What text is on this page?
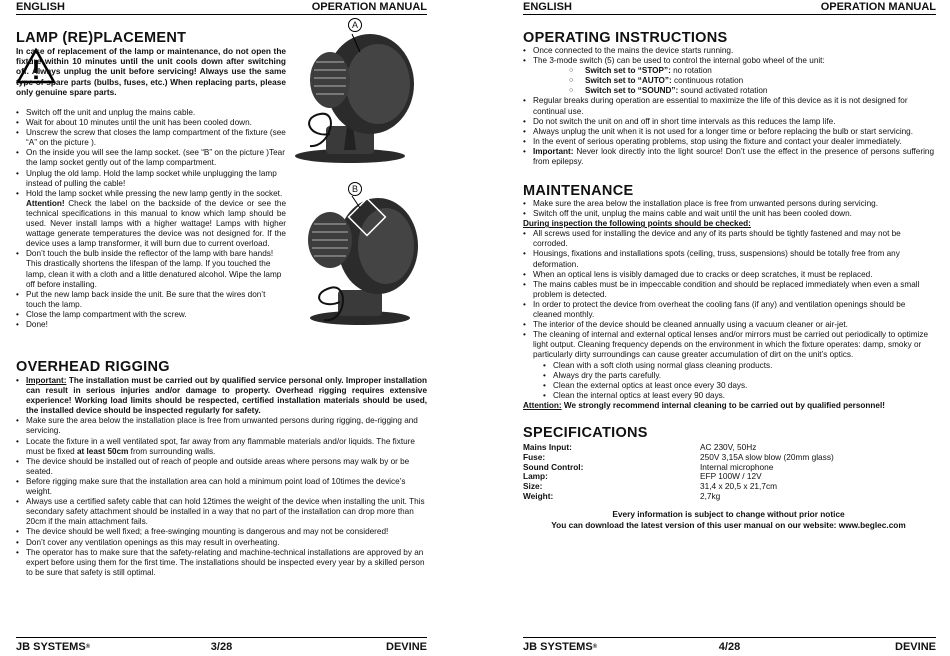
ENGLISH	OPERATION MANUAL
LAMP (RE)PLACEMENT
In case of replacement of the lamp or maintenance, do not open the fixture within 10 minutes until the unit cools down after switching off. Always unplug the unit before servicing! Always use the same type of spare parts (bulbs, fuses, etc.) When replacing parts, please only genuine spare parts.
• Switch off the unit and unplug the mains cable.
• Wait for about 10 minutes until the unit has been cooled down.
• Unscrew the screw that closes the lamp compartment of the fixture (see “A” on the picture ).
• On the inside you will see the lamp socket. (see “B” on the picture )Tear the lamp socket gently out of the lamp compartment.
• Unplug the old lamp. Hold the lamp socket while unplugging the lamp instead of pulling the cable!
• Hold the lamp socket while pressing the new lamp gently in the socket.
Attention! Check the label on the backside of the device or see the technical specifications in this manual to know which lamp should be used. Never install lamps with a higher wattage! Lamps with higher wattage generate temperatures the device was not designed for. If the device uses a lamp transformer, it will burn due to current overload.
• Don’t touch the bulb inside the reflector of the lamp with bare hands! This drastically shortens the lifespan of the lamp. If you touched the lamp, clean it with a cloth and a little denatured alcohol. Wipe the lamp off before installing.
• Put the new lamp back inside the unit. Be sure that the wires don’t touch the lamp.
• Close the lamp compartment with the screw.
• Done!
A
B
OVERHEAD RIGGING
• Important: The installation must be carried out by qualified service personal only. Improper installation can result in serious injuries and/or damage to property. Overhead rigging requires extensive experience! Working load limits should be respected, certified installation materials should be used, the installed device should be inspected regularly for safety.
• Make sure the area below the installation place is free from unwanted persons during rigging, de-rigging and servicing.
• Locate the fixture in a well ventilated spot, far away from any flammable materials and/or liquids. The fixture must be fixed at least 50cm from surrounding walls.
• The device should be installed out of reach of people and outside areas where persons may walk by or be seated.
• Before rigging make sure that the installation area can hold a minimum point load of 10times the device’s weight.
• Always use a certified safety cable that can hold 12times the weight of the device when installing the unit. This secondary safety attachment should be installed in a way that no part of the installation can drop more than 20cm if the main attachment fails.
• The device should be well fixed; a free-swinging mounting is dangerous and may not be considered!
• Don’t cover any ventilation openings as this may result in overheating.
• The operator has to make sure that the safety-relating and machine-technical installations are approved by an expert before using them for the first time. The installations should be inspected every year by a skilled person to be sure that safety is still optimal.
JB SYSTEMS®	3/28	DEVINE
ENGLISH	OPERATION MANUAL
OPERATING INSTRUCTIONS
• Once connected to the mains the device starts running.
• The 3-mode switch (5) can be used to control the internal gobo wheel of the unit:
○ Switch set to “STOP”: no rotation
○ Switch set to “AUTO”: continuous rotation
○ Switch set to “SOUND”: sound activated rotation
• Regular breaks during operation are essential to maximize the life of this device as it is not designed for continual use.
• Do not switch the unit on and off in short time intervals as this reduces the lamp life.
• Always unplug the unit when it is not used for a longer time or before replacing the bulb or start servicing.
• In the event of serious operating problems, stop using the fixture and contact your dealer immediately.
• Important: Never look directly into the light source! Don’t use the effect in the presence of persons suffering from epilepsy.
MAINTENANCE
• Make sure the area below the installation place is free from unwanted persons during servicing.
• Switch off the unit, unplug the mains cable and wait until the unit has been cooled down.
During inspection the following points should be checked:
• All screws used for installing the device and any of its parts should be tightly fastened and may not be corroded.
• Housings, fixations and installations spots (ceiling, truss, suspensions) should be totally free from any deformation.
• When an optical lens is visibly damaged due to cracks or deep scratches, it must be replaced.
• The mains cables must be in impeccable condition and should be replaced immediately when even a small problem is detected.
• In order to protect the device from overheat the cooling fans (if any) and ventilation openings should be cleaned monthly.
• The interior of the device should be cleaned annually using a vacuum cleaner or air-jet.
• The cleaning of internal and external optical lenses and/or mirrors must be carried out periodically to optimize light output. Cleaning frequency depends on the environment in which the fixture operates: damp, smoky or particularly dirty surroundings can cause greater accumulation of dirt on the unit’s optics.
• Clean with a soft cloth using normal glass cleaning products.
• Always dry the parts carefully.
• Clean the external optics at least once every 30 days.
• Clean the internal optics at least every 90 days.
Attention: We strongly recommend internal cleaning to be carried out by qualified personnel!
SPECIFICATIONS
Mains Input:	AC 230V, 50Hz
Fuse:	250V 3,15A slow blow (20mm glass)
Sound Control:	Internal microphone
Lamp:	EFP 100W / 12V
Size:	31,4 x 20,5 x 21,7cm
Weight:	2,7kg
Every information is subject to change without prior notice
You can download the latest version of this user manual on our website: www.beglec.com
JB SYSTEMS®	4/28	DEVINE
